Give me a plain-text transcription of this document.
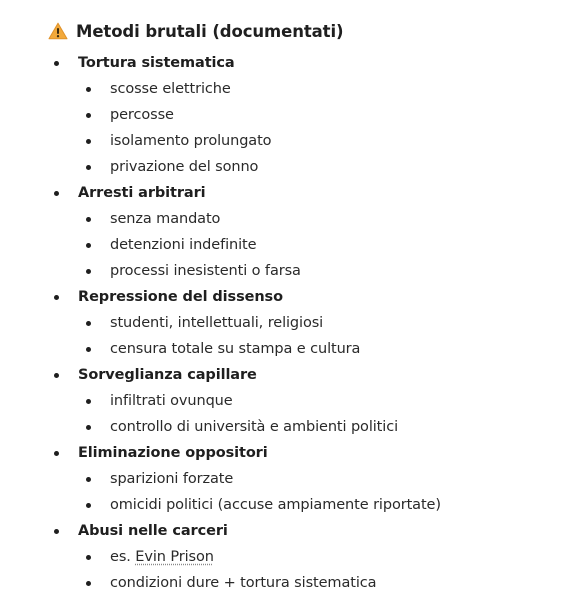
Metodi brutali (documentati)
Tortura sistematica
scosse elettriche
percosse
isolamento prolungato
privazione del sonno
Arresti arbitrari
senza mandato
detenzioni indefinite
processi inesistenti o farsa
Repressione del dissenso
studenti, intellettuali, religiosi
censura totale su stampa e cultura
Sorveglianza capillare
infiltrati ovunque
controllo di università e ambienti politici
Eliminazione oppositori
sparizioni forzate
omicidi politici (accuse ampiamente riportate)
Abusi nelle carceri
es. Evin Prison
condizioni dure + tortura sistematica
